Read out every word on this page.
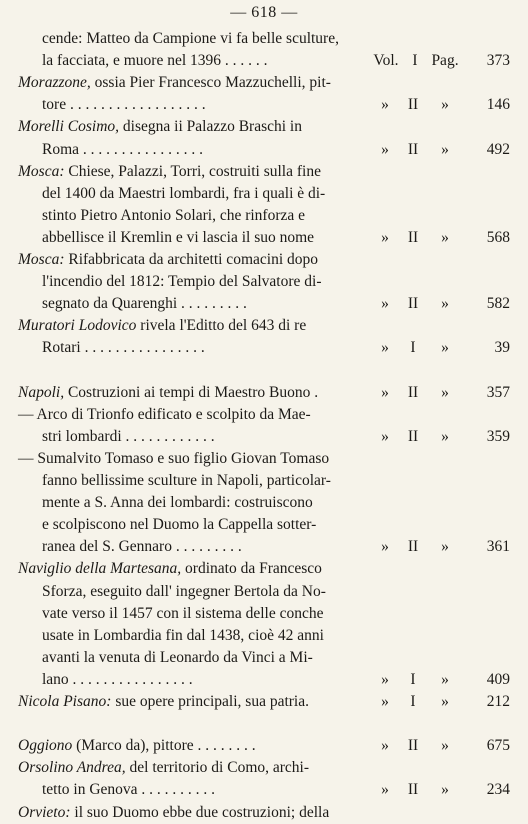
— 618 —
cende: Matteo da Campione vi fa belle sculture,
la facciata, e muore nel 1396 . . . . . .	Vol. I Pag.	373
Morazzone, ossia Pier Francesco Mazzuchelli, pit-
tore . . . . . . . . . . . . . . . . . .	»	II	»	146
Morelli Cosimo, disegna ii Palazzo Braschi in
Roma . . . . . . . . . . . . . . . .	»	II	»	492
Mosca: Chiese, Palazzi, Torri, costruiti sulla fine
del 1400 da Maestri lombardi, fra i quali è di-
stinto Pietro Antonio Solari, che rinforza e
abbellisce il Kremlin e vi lascia il suo nome	»	II	»	568
Mosca: Rifabbricata da architetti comacini dopo
l'incendio del 1812: Tempio del Salvatore di-
segnato da Quarenghi . . . . . . . . .	»	II	»	582
Muratori Lodovico rivela l'Editto del 643 di re
Rotari . . . . . . . . . . . . . . . .	»	I	»	39
Napoli, Costruzioni ai tempi di Maestro Buono .	»	II	»	357
— Arco di Trionfo edificato e scolpito da Mae-
stri lombardi . . . . . . . . . . . .	»	II	»	359
— Sumalvito Tomaso e suo figlio Giovan Tomaso
fanno bellissime sculture in Napoli, particolar-
mente a S. Anna dei lombardi: costruiscono
e scolpiscono nel Duomo la Cappella sotter-
ranea del S. Gennaro . . . . . . . . .	»	II	»	361
Naviglio della Martesana, ordinato da Francesco
Sforza, eseguito dall' ingegner Bertola da No-
vate verso il 1457 con il sistema delle conche
usate in Lombardia fin dal 1438, cioè 42 anni
avanti la venuta di Leonardo da Vinci a Mi-
lano . . . . . . . . . . . . . . . .	»	I	»	409
Nicola Pisano: sue opere principali, sua patria.	»	I	»	212
Oggiono (Marco da), pittore . . . . . . . .	»	II	»	675
Orsolino Andrea, del territorio di Como, archi-
tetto in Genova . . . . . . . . . .	»	II	»	234
Orvieto: il suo Duomo ebbe due costruzioni; della
